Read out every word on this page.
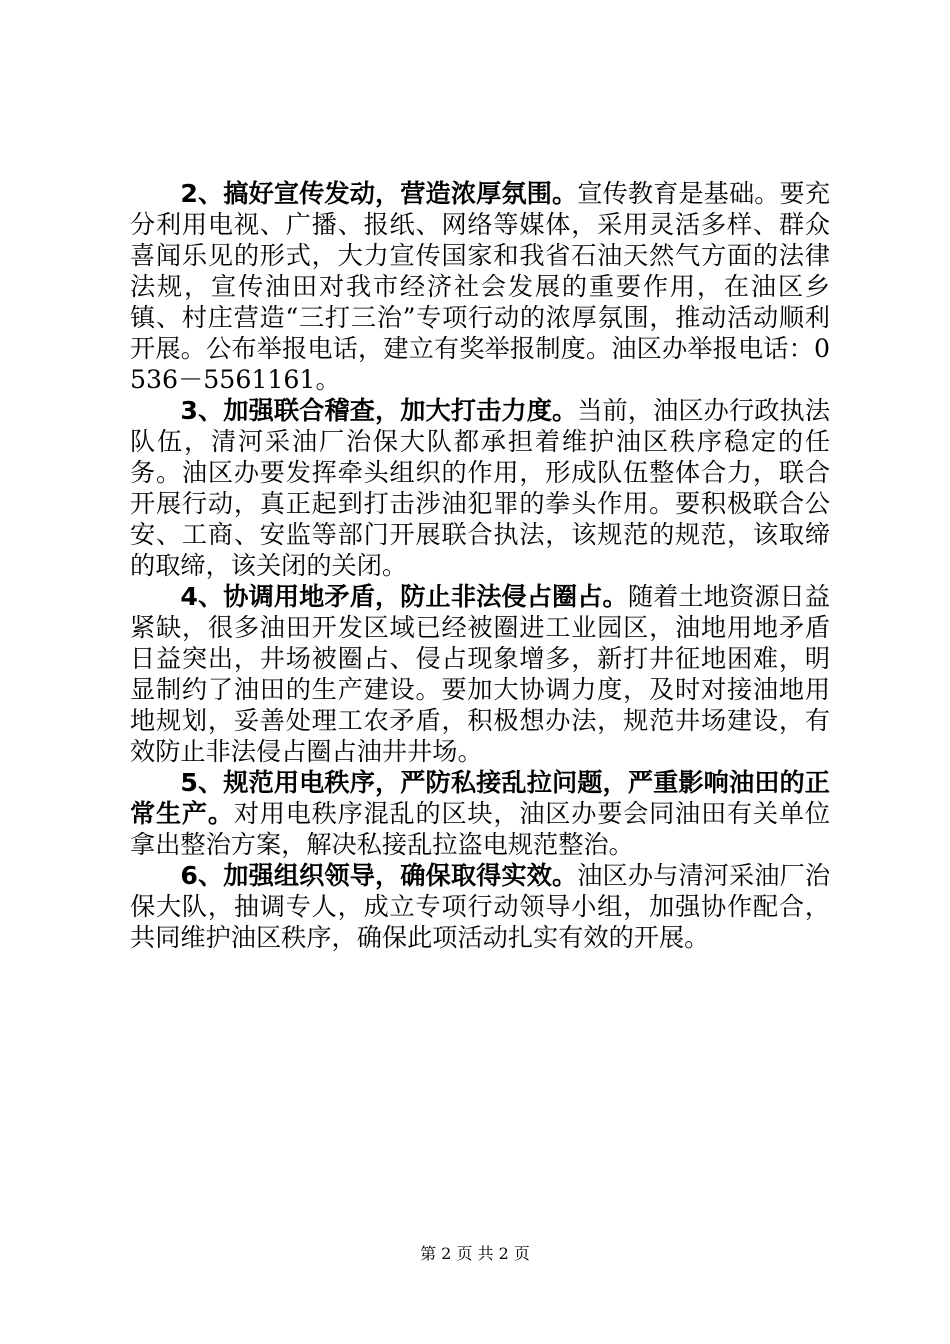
2、搞好宣传发动，营造浓厚氛围。宣传教育是基础。要充分利用电视、广播、报纸、网络等媒体，采用灵活多样、群众喜闻乐见的形式，大力宣传国家和我省石油天然气方面的法律法规，宣传油田对我市经济社会发展的重要作用，在油区乡镇、村庄营造“三打三治”专项行动的浓厚氛围，推动活动顺利开展。公布举报电话，建立有奖举报制度。油区办举报电话：0536－5561161。

3、加强联合稽查，加大打击力度。当前，油区办行政执法队伍，清河采油厂治保大队都承担着维护油区秩序稳定的任务。油区办要发挥牵头组织的作用，形成队伍整体合力，联合开展行动，真正起到打击涉油犯罪的拳头作用。要积极联合公安、工商、安监等部门开展联合执法，该规范的规范，该取缔的取缔，该关闭的关闭。

4、协调用地矛盾，防止非法侵占圈占。随着土地资源日益紧缺，很多油田开发区域已经被圈进工业园区，油地用地矛盾日益突出，井场被圈占、侵占现象增多，新打井征地困难，明显制约了油田的生产建设。要加大协调力度，及时对接油地用地规划，妥善处理工农矛盾，积极想办法，规范井场建设，有效防止非法侵占圈占油井井场。

5、规范用电秩序，严防私接乱拉问题，严重影响油田的正常生产。对用电秩序混乱的区块，油区办要会同油田有关单位拿出整治方案，解决私接乱拉盗电规范整治。

6、加强组织领导，确保取得实效。油区办与清河采油厂治保大队，抽调专人，成立专项行动领导小组，加强协作配合，共同维护油区秩序，确保此项活动扎实有效的开展。

第 2 页 共 2 页
